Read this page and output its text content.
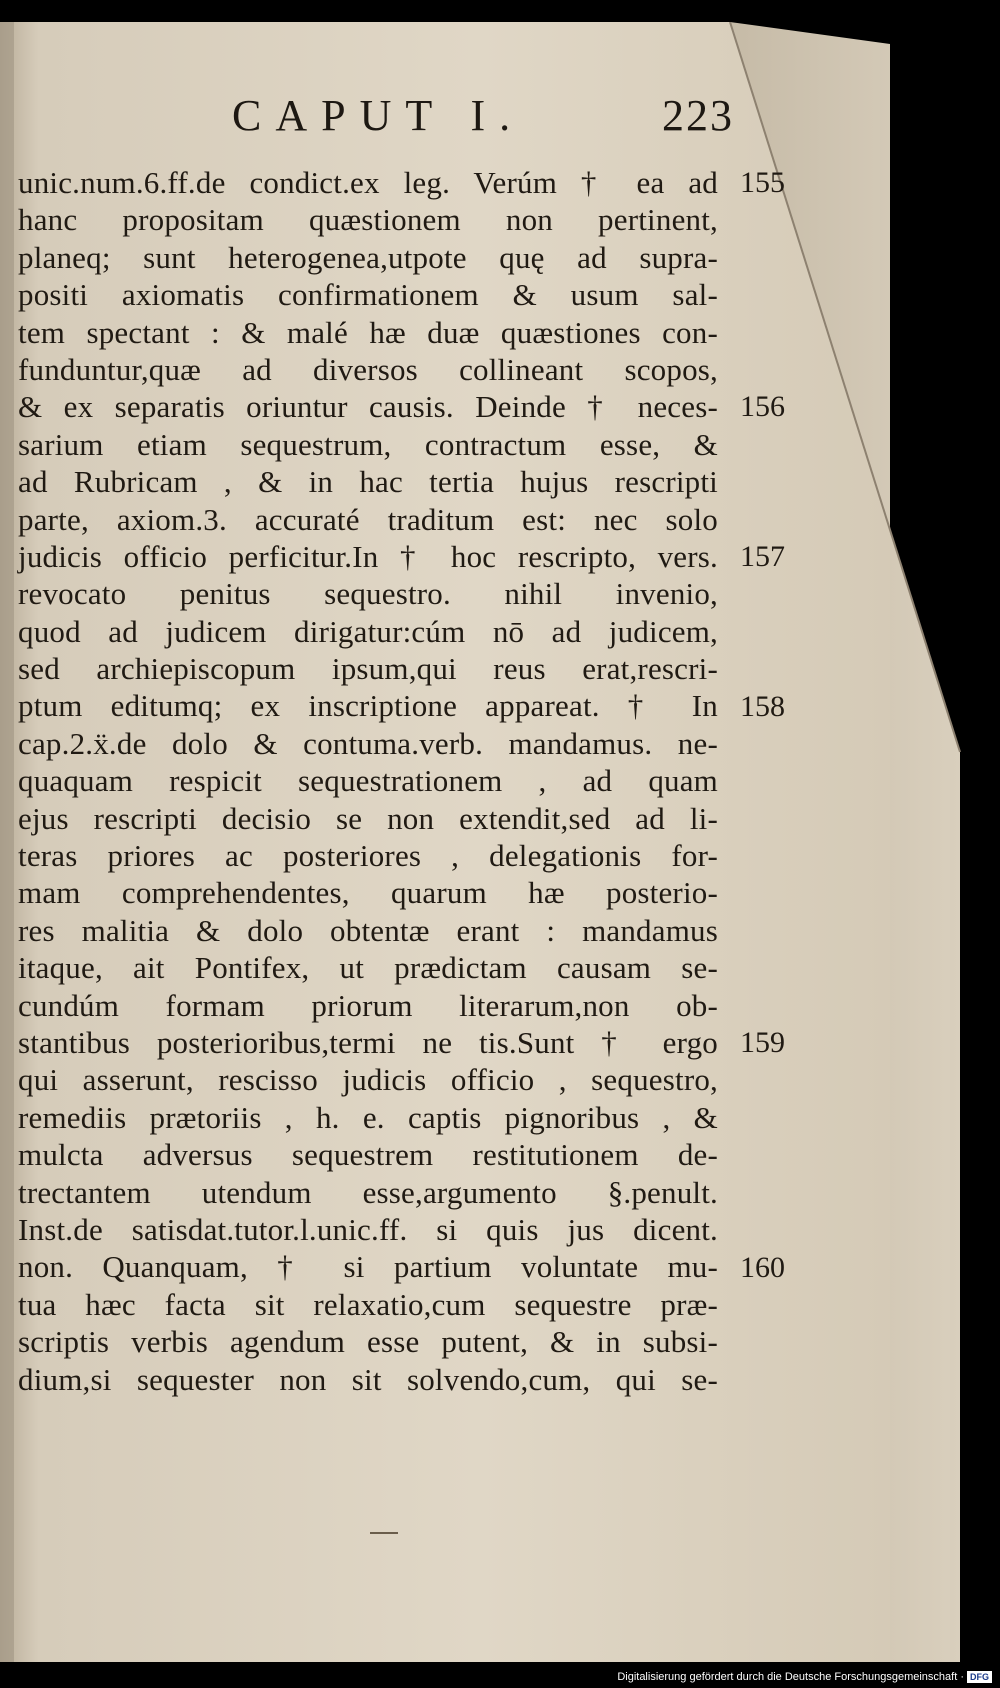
CAPUT I.	223
unic.num.6.ff.de condict.ex leg. Verúm † ea ad
hanc propositam quæstionem non pertinent,
planeq; sunt heterogenea,utpote quę ad supra-
positi axiomatis confirmationem & usum sal-
tem spectant : & malé hæ duæ quæstiones con-
funduntur,quæ ad diversos collineant scopos,
& ex separatis oriuntur causis. Deinde † neces-
sarium etiam sequestrum, contractum esse, &
ad Rubricam , & in hac tertia hujus rescripti
parte, axiom.3. accuraté traditum est: nec solo
judicis officio perficitur.In † hoc rescripto, vers.
revocato penitus sequestro. nihil invenio,
quod ad judicem dirigatur:cúm nō ad judicem,
sed archiepiscopum ipsum,qui reus erat,rescri-
ptum editumq; ex inscriptione appareat. † In
cap.2.ẍ.de dolo & contuma.verb. mandamus. ne-
quaquam respicit sequestrationem , ad quam
ejus rescripti decisio se non extendit,sed ad li-
teras priores ac posteriores , delegationis for-
mam comprehendentes, quarum hæ posterio-
res malitia & dolo obtentæ erant : mandamus
itaque, ait Pontifex, ut prædictam causam se-
cundúm formam priorum literarum,non ob-
stantibus posterioribus,termi ne tis.Sunt † ergo
qui asserunt, rescisso judicis officio , sequestro,
remediis prætoriis , h. e. captis pignoribus , &
mulcta adversus sequestrem restitutionem de-
trectantem utendum esse,argumento §.penult.
Inst.de satisdat.tutor.l.unic.ff. si quis jus dicent.
non. Quanquam, † si partium voluntate mu-
tua hæc facta sit relaxatio,cum sequestre præ-
scriptis verbis agendum esse putent, & in subsi-
dium,si sequester non sit solvendo,cum, qui se-
155
156
157
158
159
160
Digitalisierung gefördert durch die Deutsche Forschungsgemeinschaft · DFG
